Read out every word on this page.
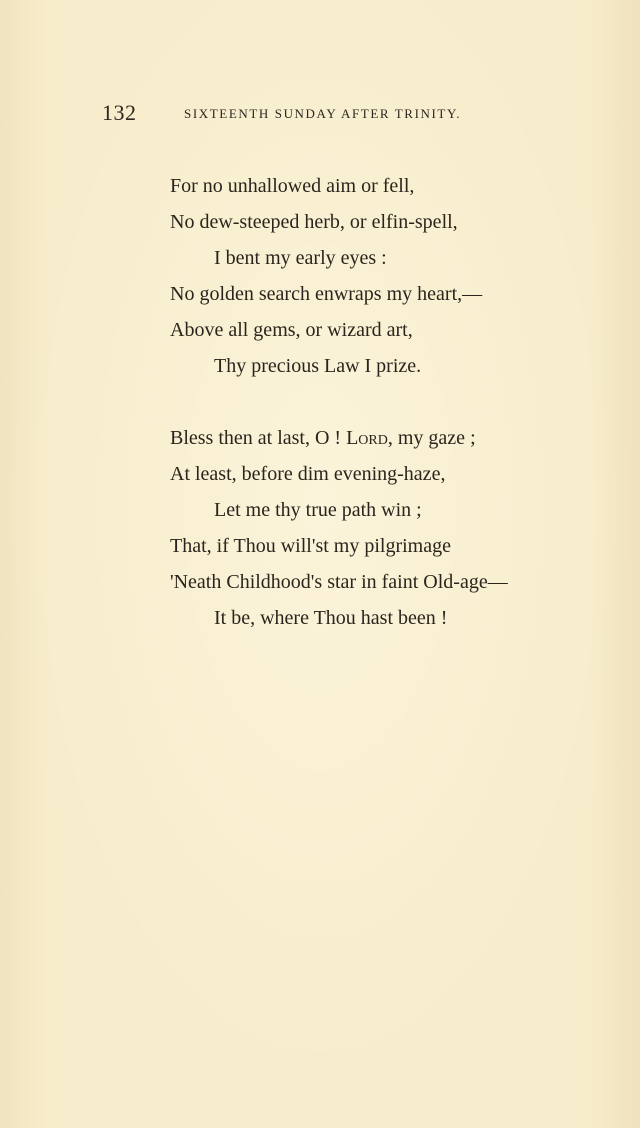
132	SIXTEENTH SUNDAY AFTER TRINITY.
For no unhallowed aim or fell,
No dew-steeped herb, or elfin-spell,
I bent my early eyes :
No golden search enwraps my heart,—
Above all gems, or wizard art,
Thy precious Law I prize.
Bless then at last, O ! Lord, my gaze ;
At least, before dim evening-haze,
Let me thy true path win ;
That, if Thou will'st my pilgrimage
'Neath Childhood's star in faint Old-age—
It be, where Thou hast been !
